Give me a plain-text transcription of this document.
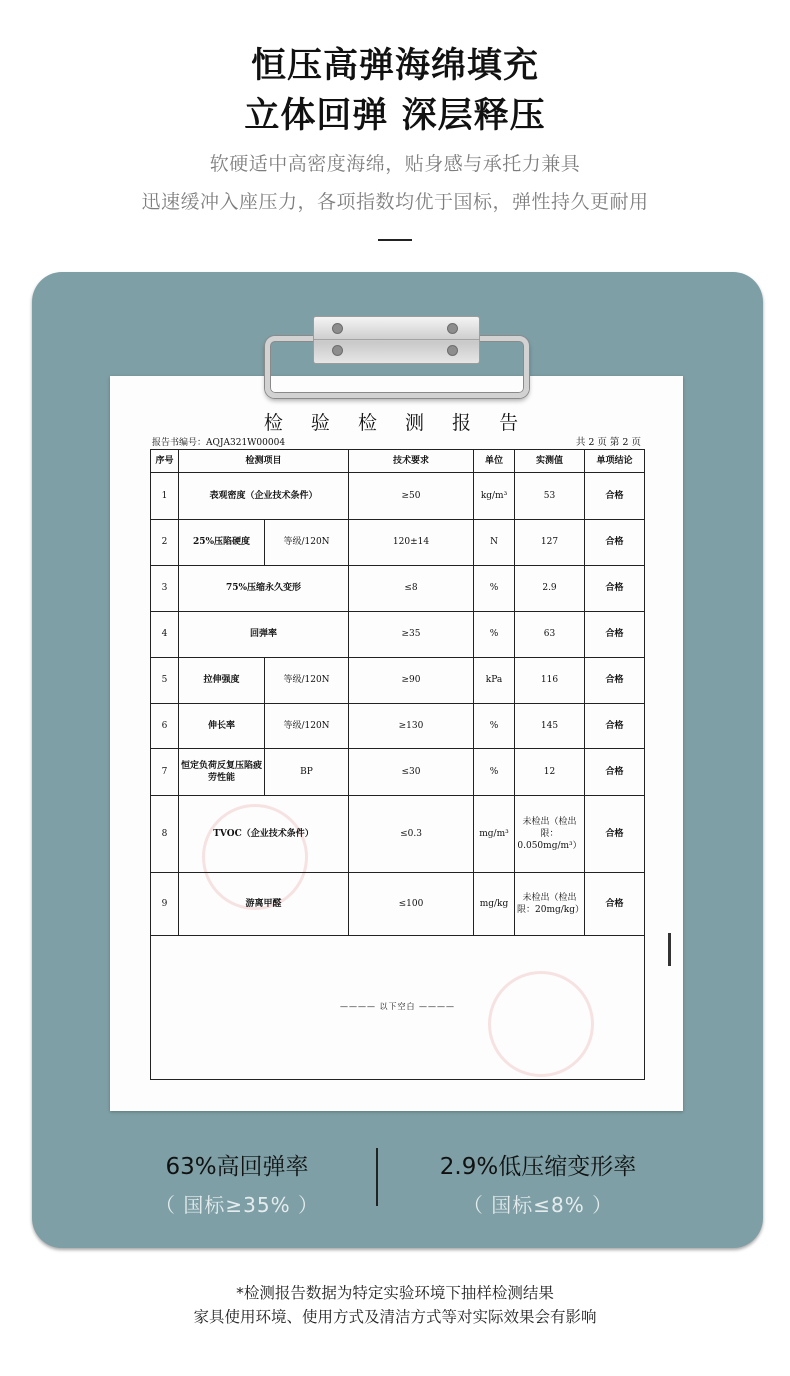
恒压高弹海绵填充
立体回弹 深层释压
软硬适中高密度海绵，贴身感与承托力兼具
迅速缓冲入座压力，各项指数均优于国标，弹性持久更耐用
检 验 检 测 报 告
报告书编号：AQJA321W00004	共 2 页 第 2 页
序号	检测项目		技术要求	单位	实测值	单项结论
1	表观密度（企业技术条件）		≥50	kg/m³	53	合格
2	25%压陷硬度	等级/120N	120±14	N	127	合格
3	75%压缩永久变形		≤8	%	2.9	合格
4	回弹率		≥35	%	63	合格
5	拉伸强度	等级/120N	≥90	kPa	116	合格
6	伸长率	等级/120N	≥130	%	145	合格
7	恒定负荷反复压陷疲劳性能	BP	≤30	%	12	合格
8	TVOC（企业技术条件）		≤0.3	mg/m³	未检出（检出限：0.050mg/m³）	合格
9	游离甲醛		≤100	mg/kg	未检出（检出限：20mg/kg）	合格

———— 以下空白 ————						
63%高回弹率
（ 国标≥35% ）
2.9%低压缩变形率
（ 国标≤8% ）
*检测报告数据为特定实验环境下抽样检测结果
家具使用环境、使用方式及清洁方式等对实际效果会有影响
